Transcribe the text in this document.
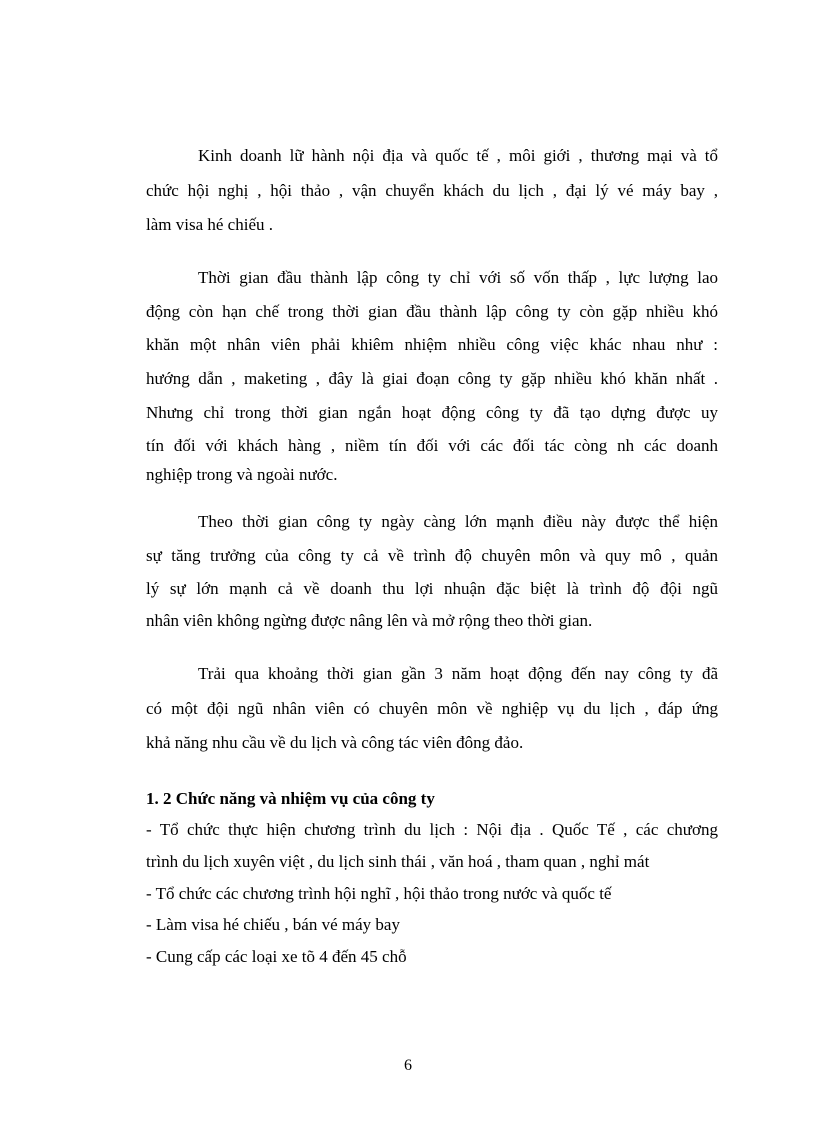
Kinh doanh lữ hành nội địa và quốc tế , môi giới , thương mại và tổ
chức hội nghị , hội thảo , vận chuyển khách du lịch , đại lý vé máy bay ,
làm visa hé chiếu .
Thời gian đầu thành lập công ty chỉ với số vốn thấp , lực lượng lao
động còn hạn chế trong thời gian đầu thành lập công ty còn gặp nhiều khó
khăn một nhân viên phải khiêm nhiệm nhiều công việc khác nhau như :
hướng dẫn , maketing , đây là giai đoạn công ty gặp nhiều khó khăn nhất .
Nhưng chỉ trong thời gian ngắn hoạt động công ty đã tạo dựng được uy
tín đối với khách hàng , niềm tín đối với các đối tác còng nh các doanh
nghiệp trong và ngoài nước.
Theo thời gian công ty ngày càng lớn mạnh điều này được thể hiện
sự tăng trưởng của công ty cả về trình độ chuyên môn và quy mô , quản
lý sự lớn mạnh cả về doanh thu lợi nhuận đặc biệt là trình độ đội ngũ
nhân viên không ngừng được nâng lên và mở rộng theo thời gian.
Trải qua khoảng thời gian gần 3 năm hoạt động đến nay công ty đã
có một đội ngũ nhân viên có chuyên môn về nghiệp vụ du lịch , đáp ứng
khả năng nhu cầu về du lịch và công tác viên đông đảo.
1. 2 Chức năng và nhiệm vụ của công ty
- Tổ chức thực hiện chương trình du lịch : Nội địa . Quốc Tế , các chương
trình du lịch xuyên việt , du lịch sinh thái , văn hoá , tham quan , nghỉ mát
- Tổ chức các chương trình hội nghĩ , hội thảo trong nước và quốc tế
- Làm visa hé chiếu , bán vé máy bay
- Cung cấp các loại xe tõ 4 đến 45 chỗ
6
